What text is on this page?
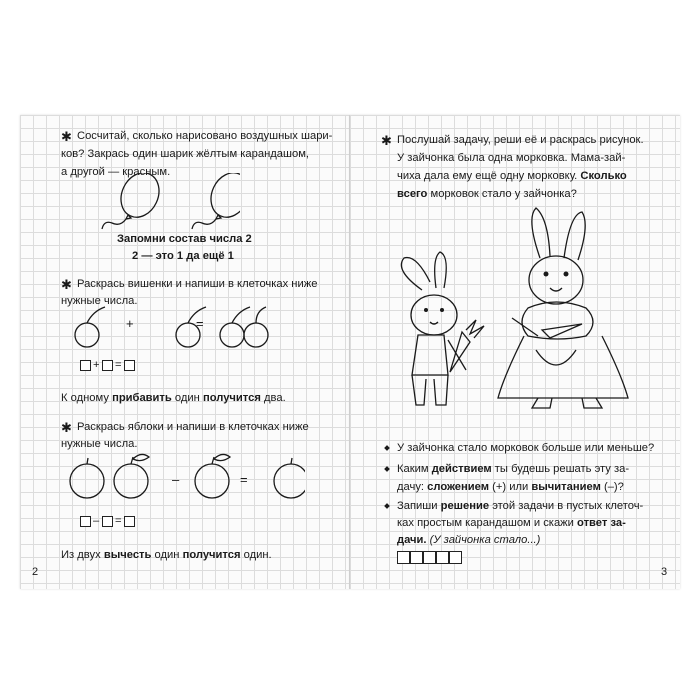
✱ Сосчитай, сколько нарисовано воздушных шари-
ков? Закрась один шарик жёлтым карандашом,
а другой — красным.
Запомни состав числа 2
2 — это 1 да ещё 1
✱ Раскрась вишенки и напиши в клеточках ниже
нужные числа.
+	=
+ =
К одному прибавить один получится два.
✱ Раскрась яблоки и напиши в клеточках ниже
нужные числа.
–	=
– =
Из двух вычесть один получится один.
2
✱ Послушай задачу, реши её и раскрась рисунок.
У зайчонка была одна морковка. Мама-зай-
чиха дала ему ещё одну морковку. Сколько
всего морковок стало у зайчонка?
У зайчонка стало морковок больше или меньше?
Каким действием ты будешь решать эту за-
дачу: сложением (+) или вычитанием (–)?
Запиши решение этой задачи в пустых клеточ-
ках простым карандашом и скажи ответ за-
дачи. (У зайчонка стало...)
3
